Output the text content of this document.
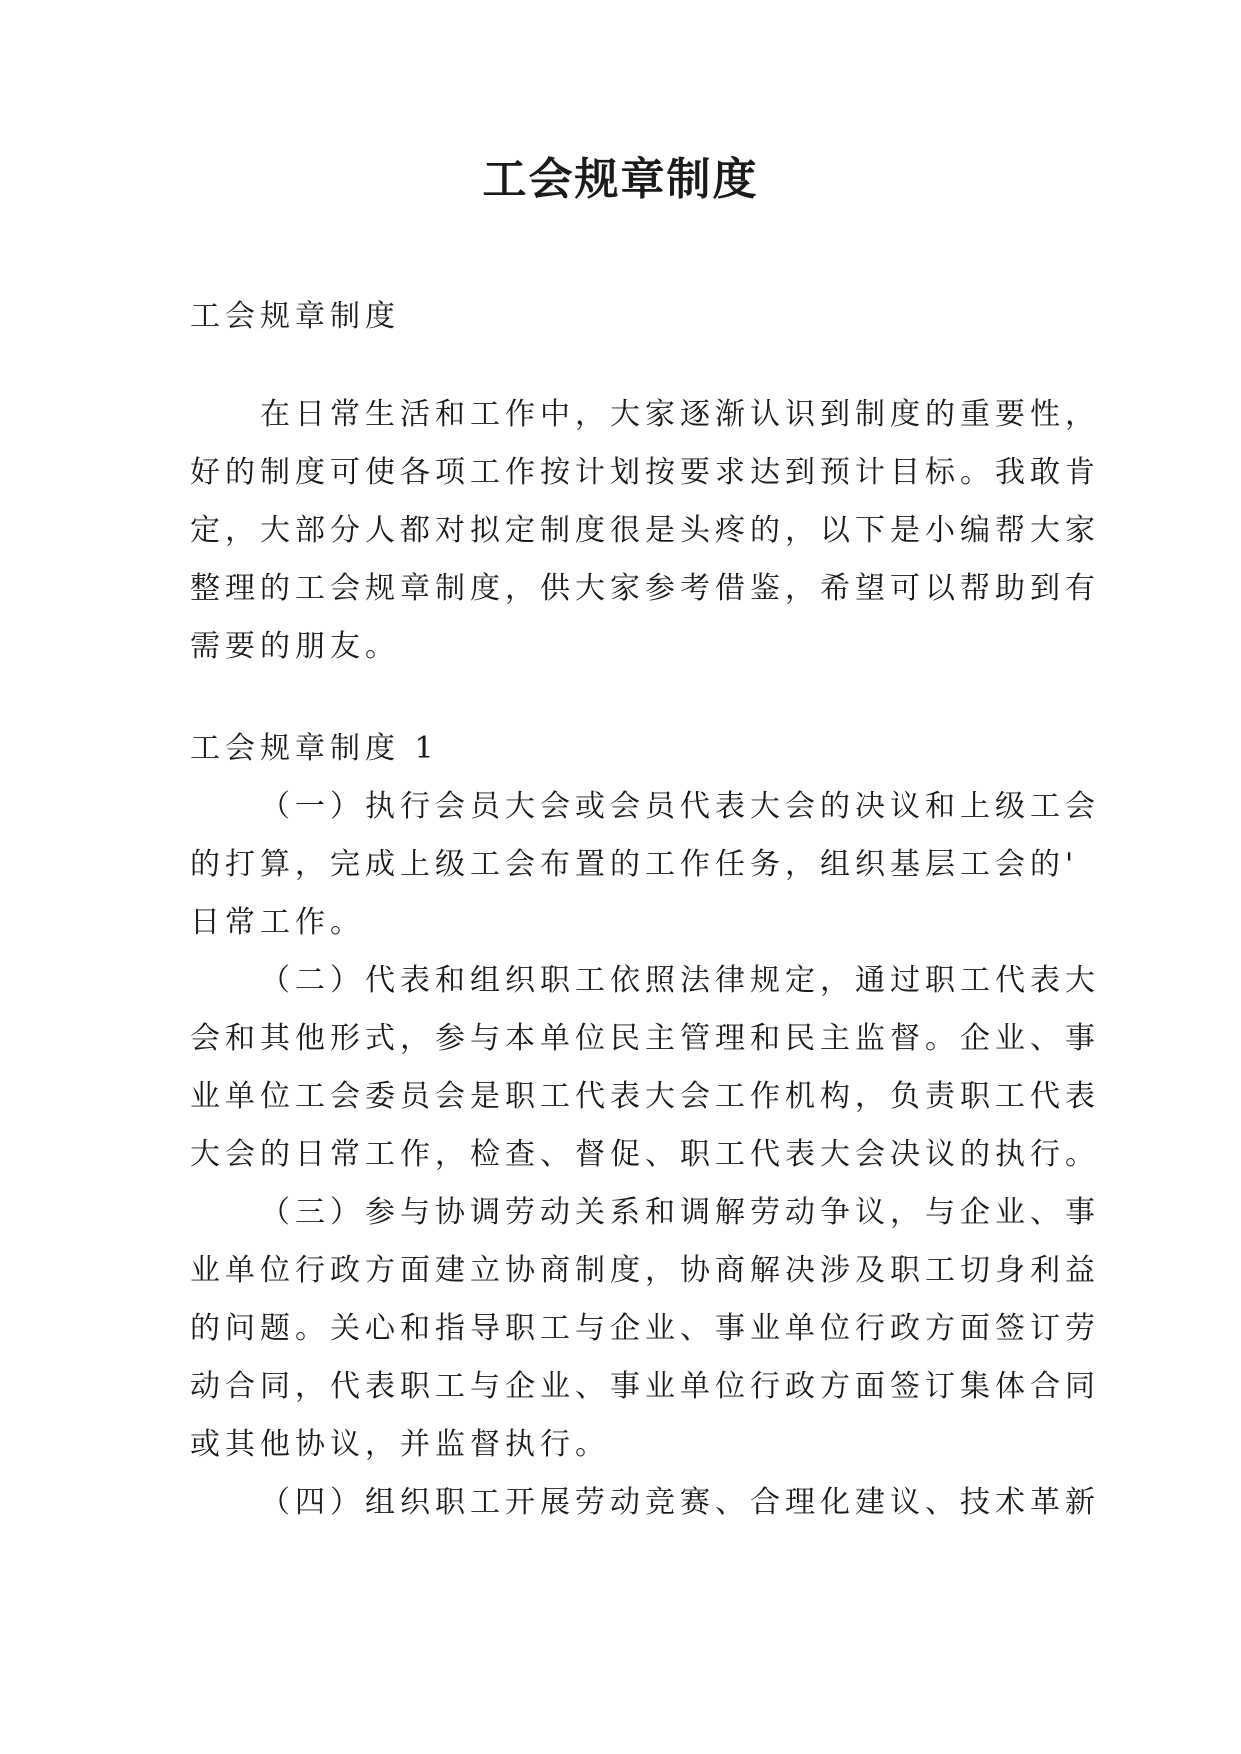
工会规章制度
工会规章制度
在日常生活和工作中，大家逐渐认识到制度的重要性，
好的制度可使各项工作按计划按要求达到预计目标。我敢肯
定，大部分人都对拟定制度很是头疼的，以下是小编帮大家
整理的工会规章制度，供大家参考借鉴，希望可以帮助到有
需要的朋友。
工会规章制度 1
（一）执行会员大会或会员代表大会的决议和上级工会
的打算，完成上级工会布置的工作任务，组织基层工会的'
日常工作。
（二）代表和组织职工依照法律规定，通过职工代表大
会和其他形式，参与本单位民主管理和民主监督。企业、事
业单位工会委员会是职工代表大会工作机构，负责职工代表
大会的日常工作，检查、督促、职工代表大会决议的执行。
（三）参与协调劳动关系和调解劳动争议，与企业、事
业单位行政方面建立协商制度，协商解决涉及职工切身利益
的问题。关心和指导职工与企业、事业单位行政方面签订劳
动合同，代表职工与企业、事业单位行政方面签订集体合同
或其他协议，并监督执行。
（四）组织职工开展劳动竞赛、合理化建议、技术革新
